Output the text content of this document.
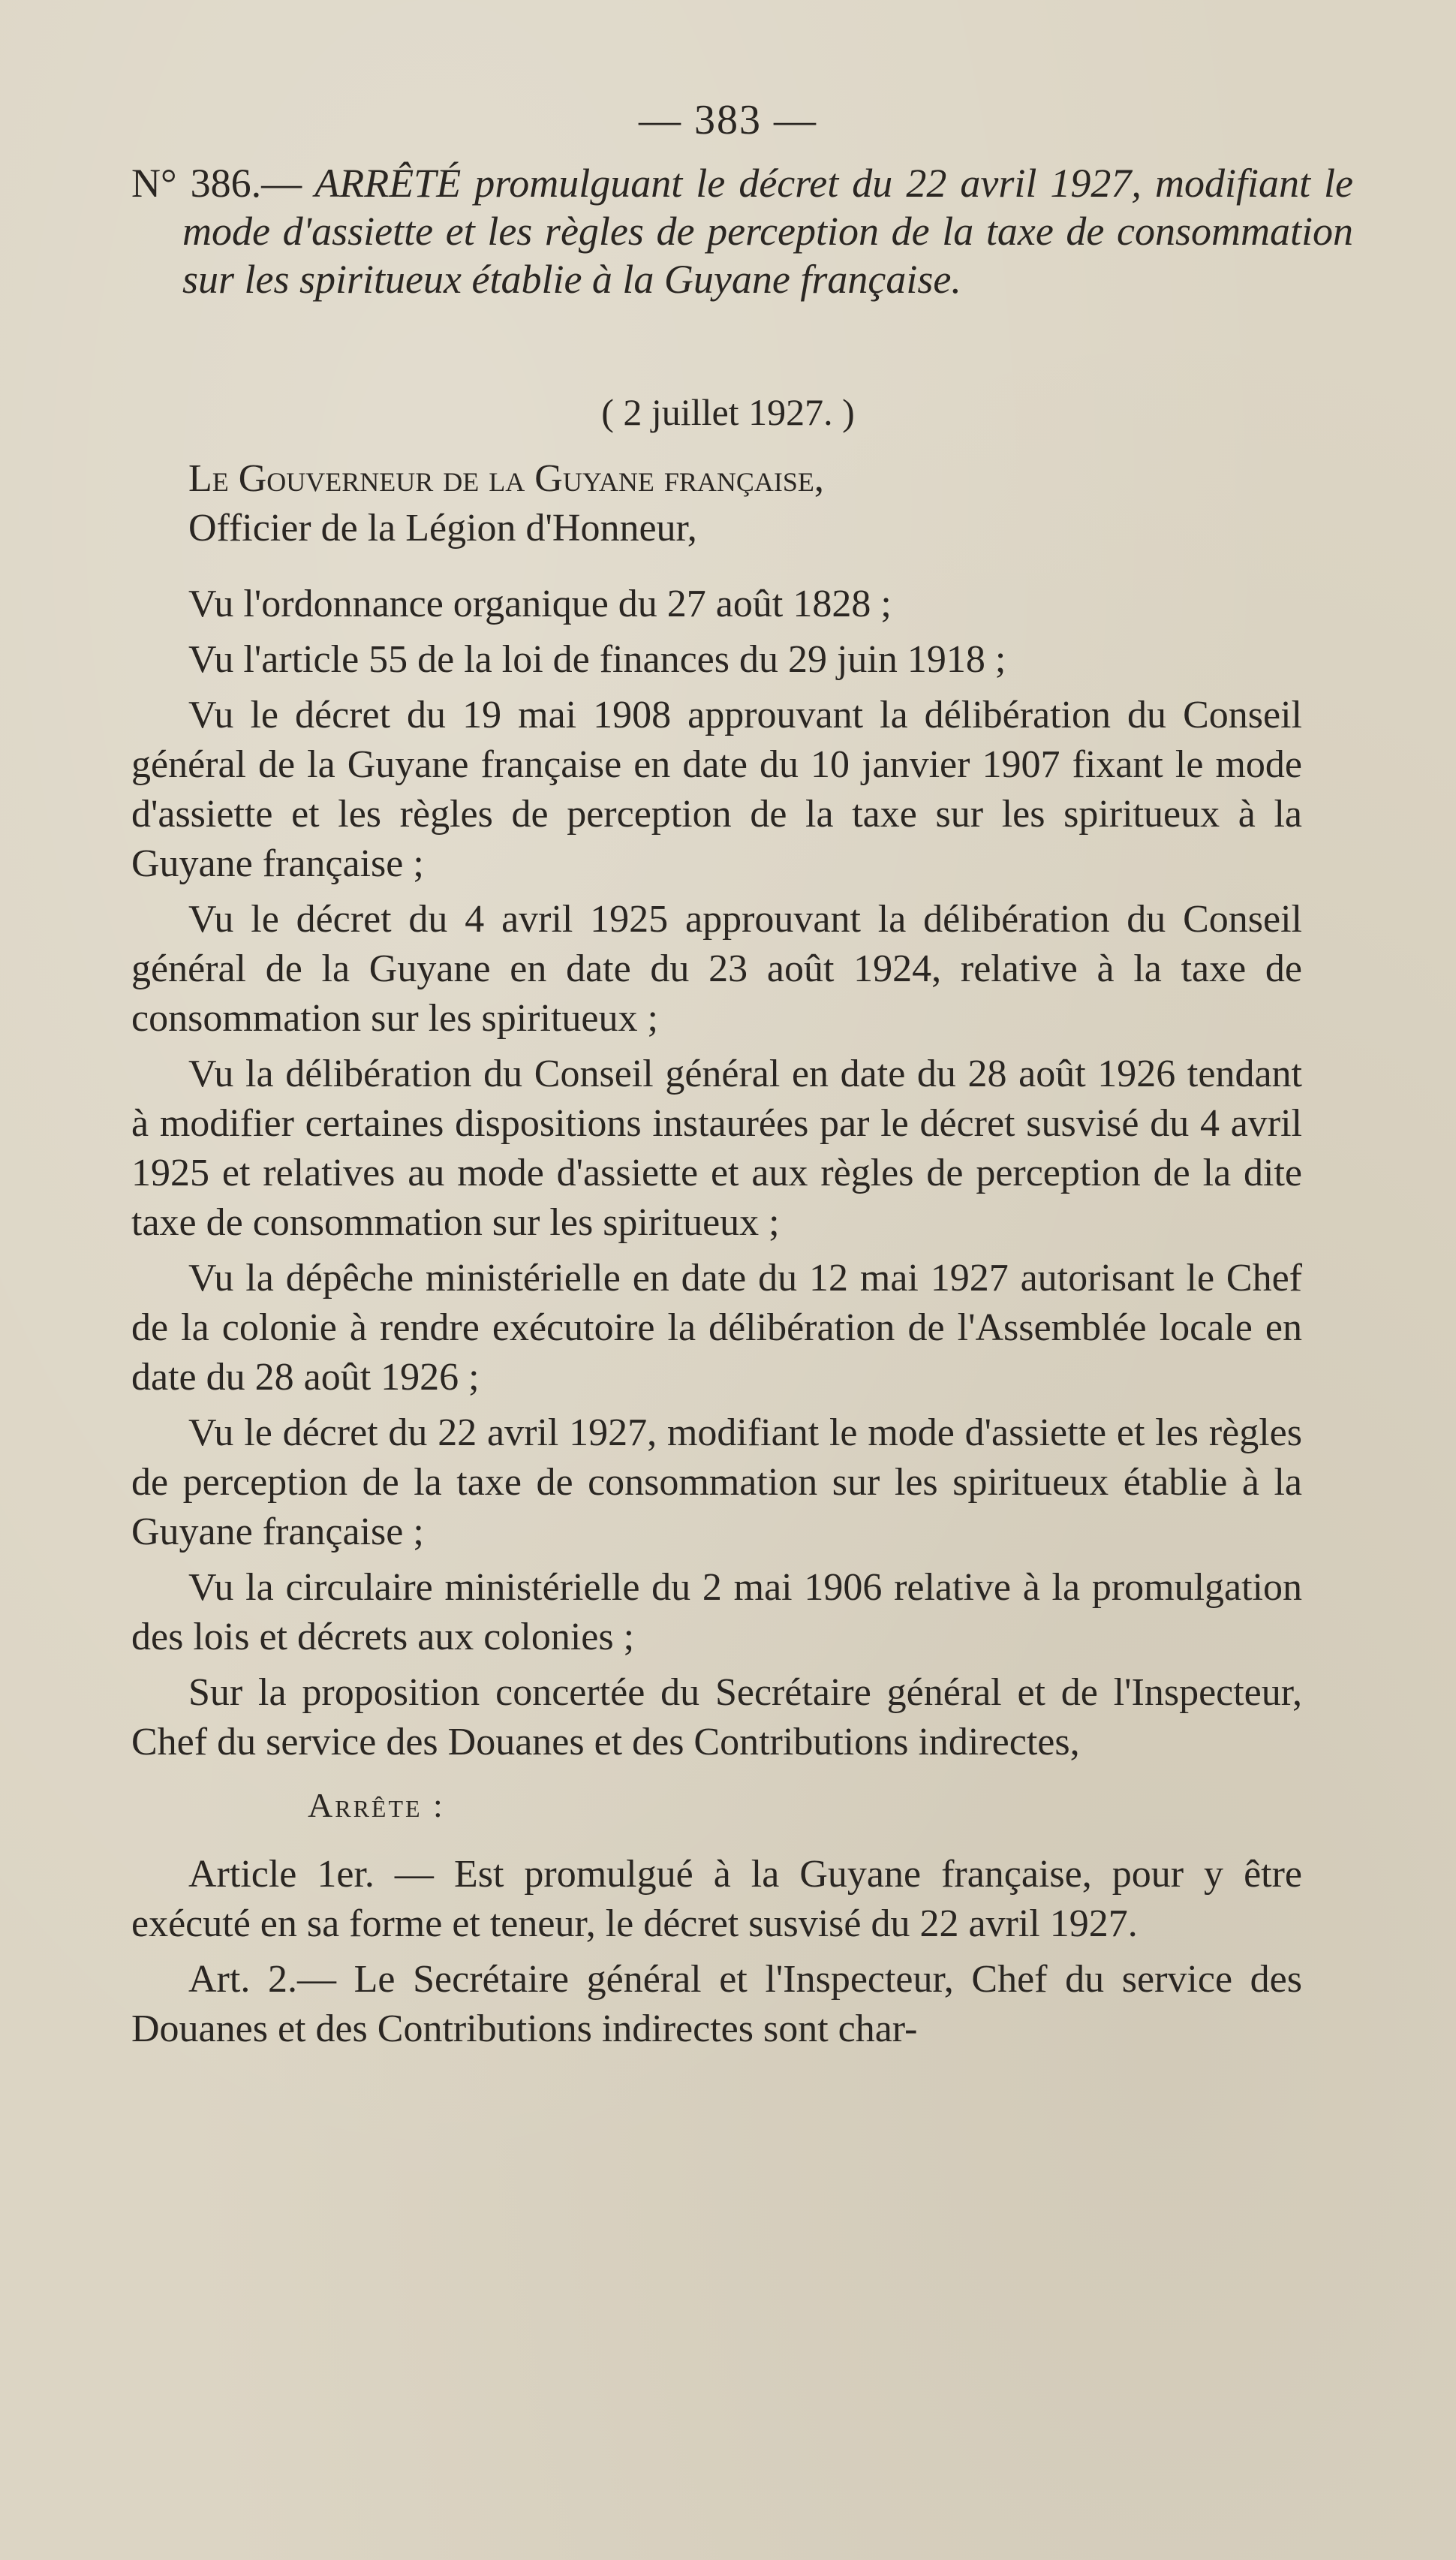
— 383 —
N° 386.— ARRÊTÉ promulguant le décret du 22 avril 1927, modifiant le mode d'assiette et les règles de perception de la taxe de consommation sur les spiritueux établie à la Guyane française.
( 2 juillet 1927. )
Le Gouverneur de la Guyane française,
Officier de la Légion d'Honneur,

Vu l'ordonnance organique du 27 août 1828 ;

Vu l'article 55 de la loi de finances du 29 juin 1918 ;

Vu le décret du 19 mai 1908 approuvant la délibération du Conseil général de la Guyane française en date du 10 janvier 1907 fixant le mode d'assiette et les règles de perception de la taxe sur les spiritueux à la Guyane française ;

Vu le décret du 4 avril 1925 approuvant la délibération du Conseil général de la Guyane en date du 23 août 1924, relative à la taxe de consommation sur les spiritueux ;

Vu la délibération du Conseil général en date du 28 août 1926 tendant à modifier certaines dispositions instaurées par le décret susvisé du 4 avril 1925 et relatives au mode d'assiette et aux règles de perception de la dite taxe de consommation sur les spiritueux ;

Vu la dépêche ministérielle en date du 12 mai 1927 autorisant le Chef de la colonie à rendre exécutoire la délibération de l'Assemblée locale en date du 28 août 1926 ;

Vu le décret du 22 avril 1927, modifiant le mode d'assiette et les règles de perception de la taxe de consommation sur les spiritueux établie à la Guyane française ;

Vu la circulaire ministérielle du 2 mai 1906 relative à la promulgation des lois et décrets aux colonies ;

Sur la proposition concertée du Secrétaire général et de l'Inspecteur, Chef du service des Douanes et des Contributions indirectes,

Arrête :

Article 1er. — Est promulgué à la Guyane française, pour y être exécuté en sa forme et teneur, le décret susvisé du 22 avril 1927.

Art. 2.— Le Secrétaire général et l'Inspecteur, Chef du service des Douanes et des Contributions indirectes sont char-
